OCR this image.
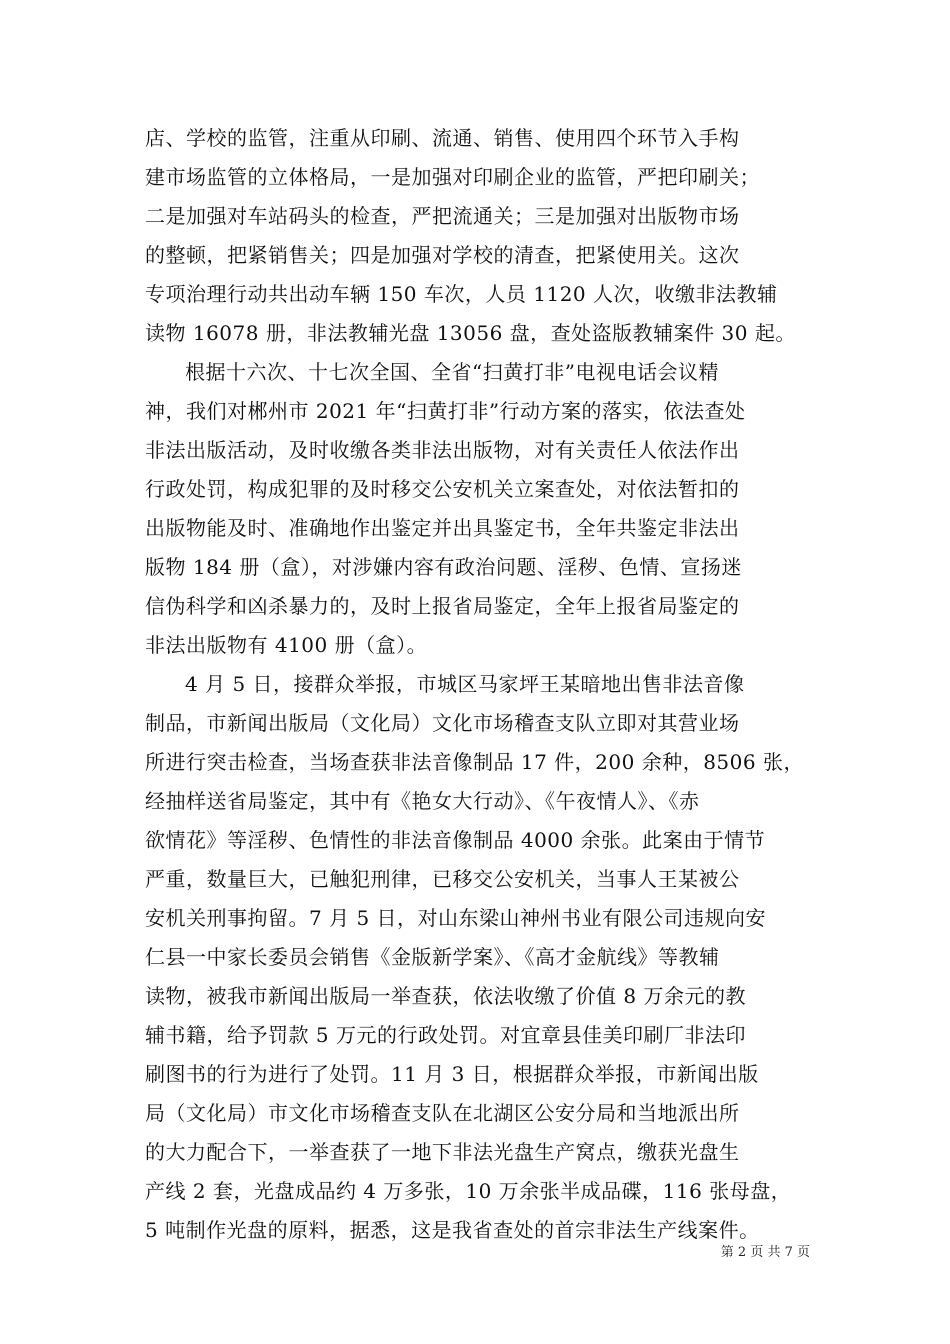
店、学校的监管，注重从印刷、流通、销售、使用四个环节入手构
建市场监管的立体格局，一是加强对印刷企业的监管，严把印刷关；
二是加强对车站码头的检查，严把流通关；三是加强对出版物市场
的整顿，把紧销售关；四是加强对学校的清查，把紧使用关。这次
专项治理行动共出动车辆 150 车次，人员 1120 人次，收缴非法教辅
读物 16078 册，非法教辅光盘 13056 盘，查处盗版教辅案件 30 起。

根据十六次、十七次全国、全省“扫黄打非”电视电话会议精
神，我们对郴州市 2021 年“扫黄打非”行动方案的落实，依法查处
非法出版活动，及时收缴各类非法出版物，对有关责任人依法作出
行政处罚，构成犯罪的及时移交公安机关立案查处，对依法暂扣的
出版物能及时、准确地作出鉴定并出具鉴定书，全年共鉴定非法出
版物 184 册（盒），对涉嫌内容有政治问题、淫秽、色情、宣扬迷
信伪科学和凶杀暴力的，及时上报省局鉴定，全年上报省局鉴定的
非法出版物有 4100 册（盒）。

4 月 5 日，接群众举报，市城区马家坪王某暗地出售非法音像
制品，市新闻出版局（文化局）文化市场稽查支队立即对其营业场
所进行突击检查，当场查获非法音像制品 17 件，200 余种，8506 张，
经抽样送省局鉴定，其中有《艳女大行动》、《午夜情人》、《赤
欲情花》等淫秽、色情性的非法音像制品 4000 余张。此案由于情节
严重，数量巨大，已触犯刑律，已移交公安机关，当事人王某被公
安机关刑事拘留。7 月 5 日，对山东梁山神州书业有限公司违规向安
仁县一中家长委员会销售《金版新学案》、《高才金航线》等教辅
读物，被我市新闻出版局一举查获，依法收缴了价值 8 万余元的教
辅书籍，给予罚款 5 万元的行政处罚。对宜章县佳美印刷厂非法印
刷图书的行为进行了处罚。11 月 3 日，根据群众举报，市新闻出版
局（文化局）市文化市场稽查支队在北湖区公安分局和当地派出所
的大力配合下，一举查获了一地下非法光盘生产窝点，缴获光盘生
产线 2 套，光盘成品约 4 万多张，10 万余张半成品碟，116 张母盘，
5 吨制作光盘的原料，据悉，这是我省查处的首宗非法生产线案件。

第 2 页 共 7 页
